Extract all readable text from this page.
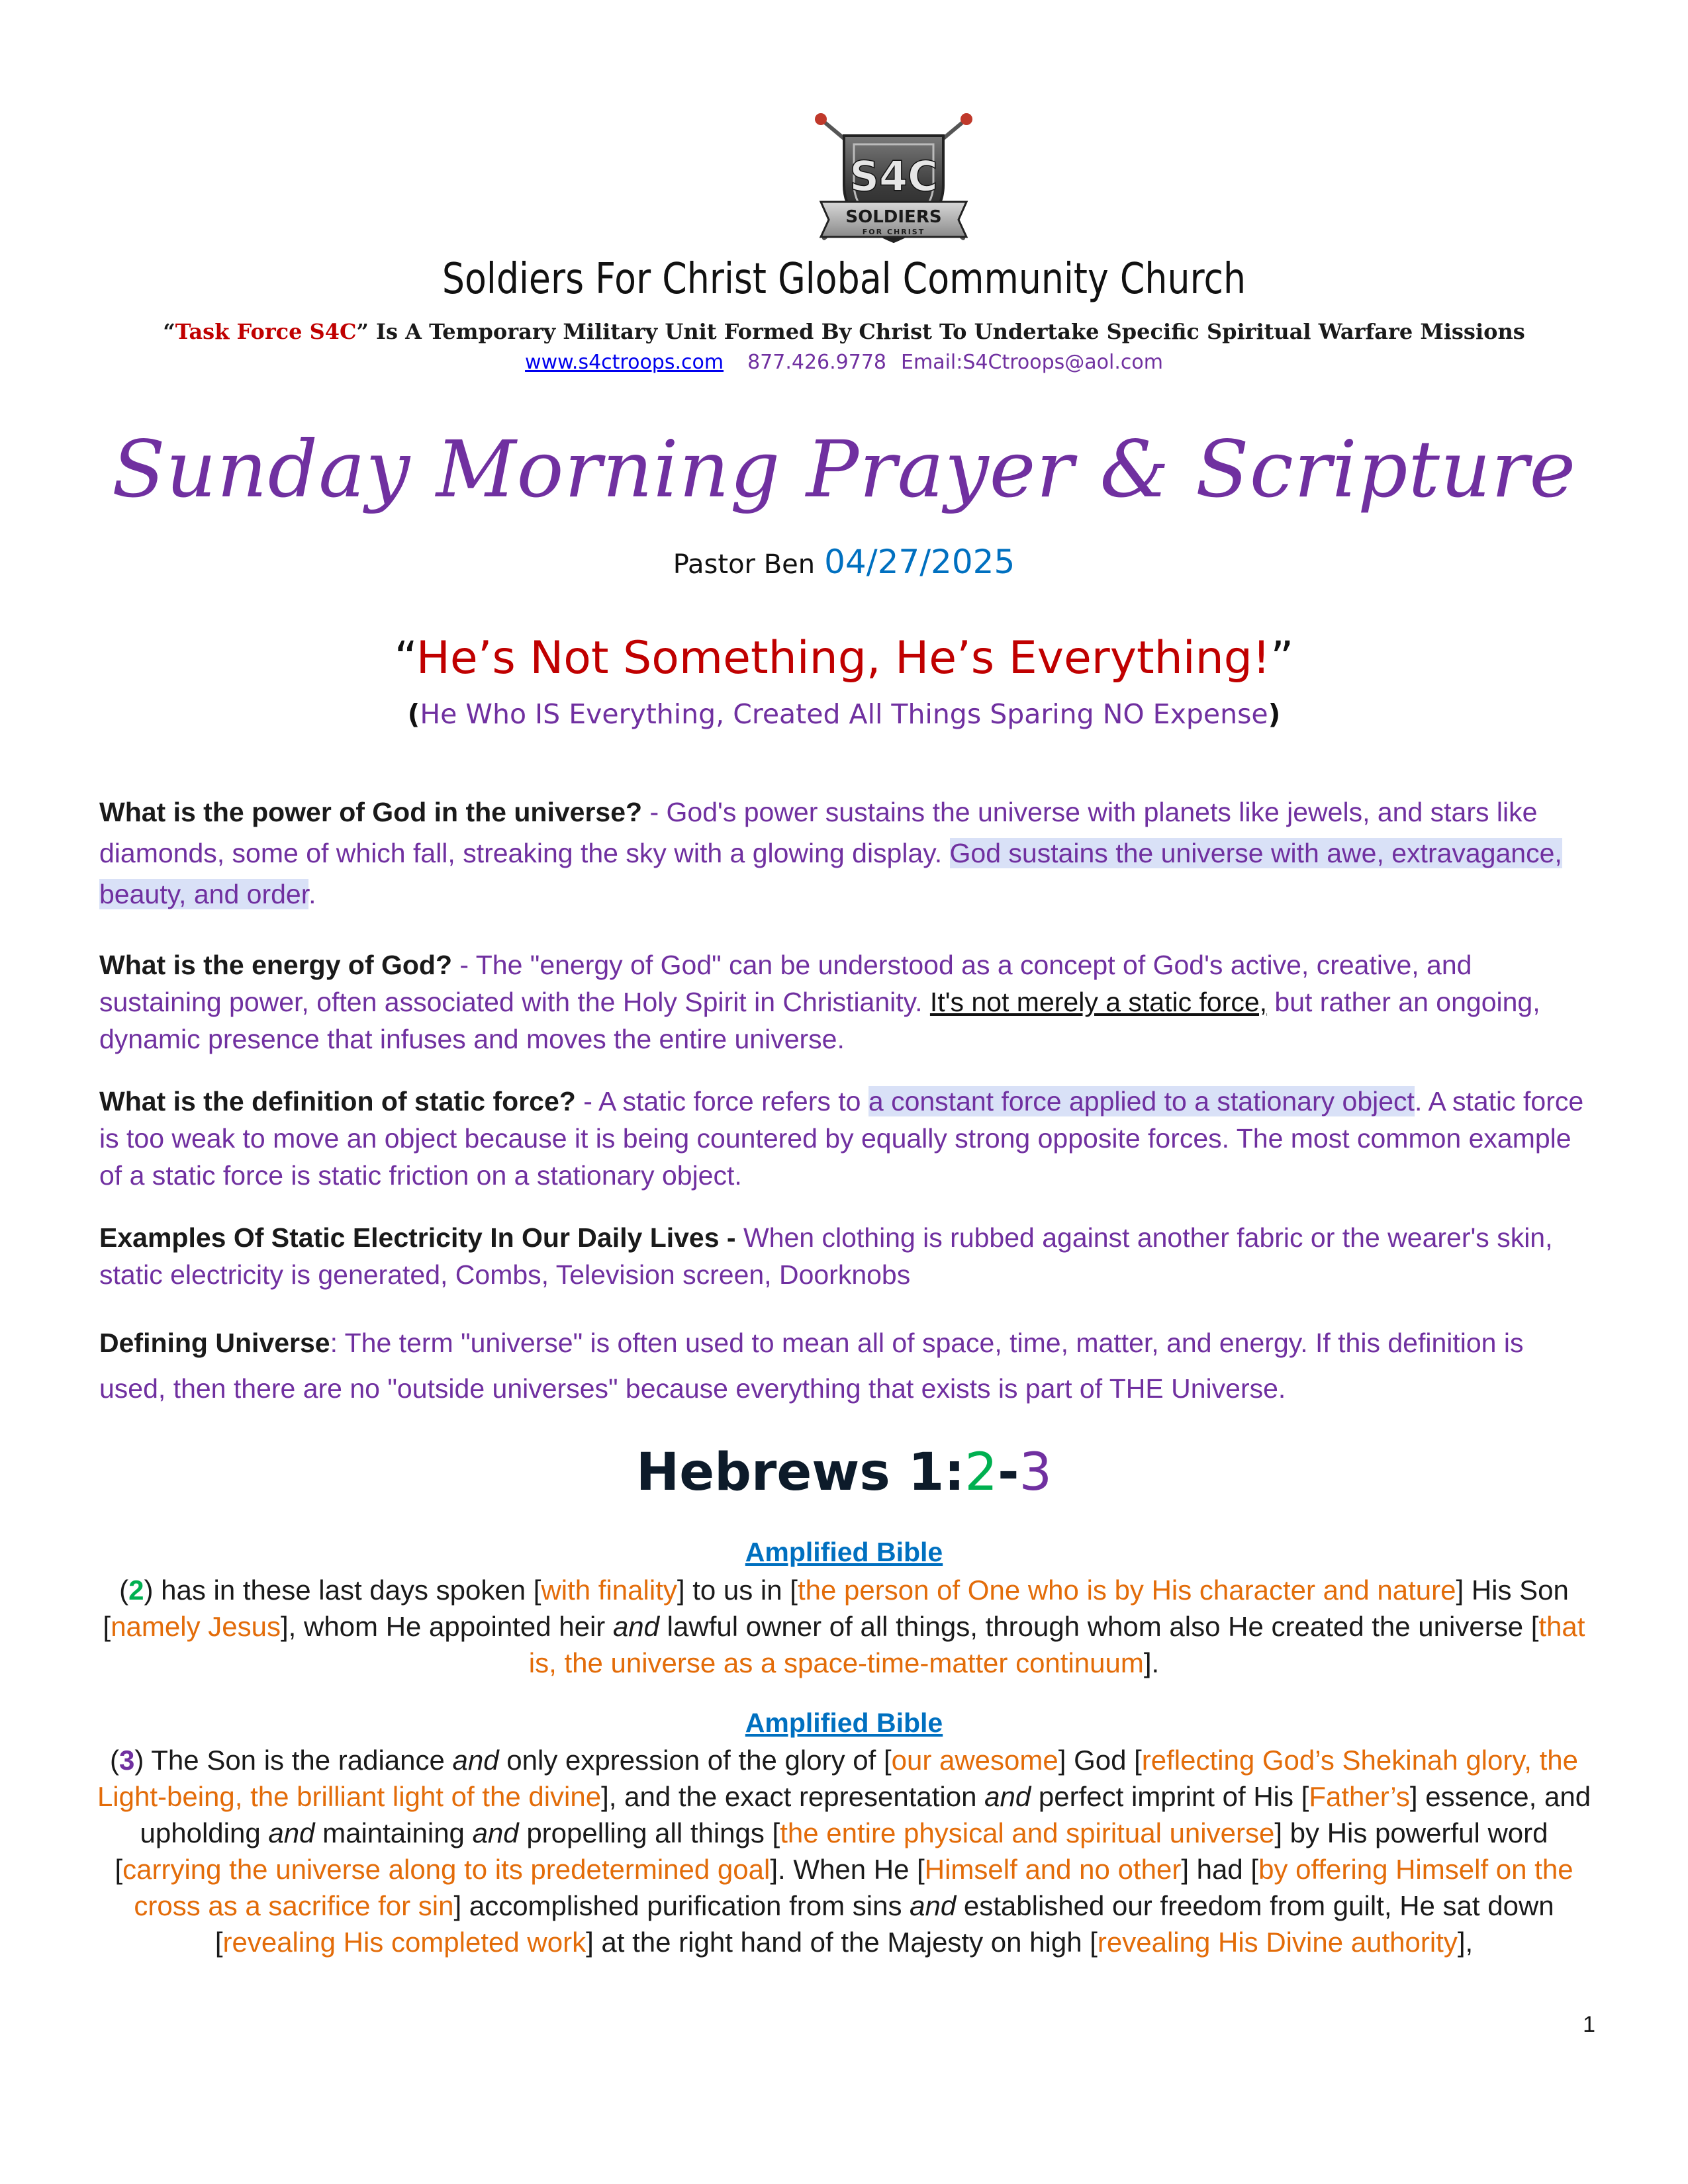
S4C
SOLDIERS
FOR CHRIST
Soldiers For Christ Global Community Church
“Task Force S4C” Is A Temporary Military Unit Formed By Christ To Undertake Specific Spiritual Warfare Missions
www.s4ctroops.com 877.426.9778 Email:S4Ctroops@aol.com
Sunday Morning Prayer & Scripture
Pastor Ben 04/27/2025
“He’s Not Something, He’s Everything!”
(He Who IS Everything, Created All Things Sparing NO Expense)
What is the power of God in the universe? - God's power sustains the universe with planets like jewels, and stars like diamonds, some of which fall, streaking the sky with a glowing display. God sustains the universe with awe, extravagance, beauty, and order.
What is the energy of God? - The "energy of God" can be understood as a concept of God's active, creative, and sustaining power, often associated with the Holy Spirit in Christianity. It's not merely a static force, but rather an ongoing, dynamic presence that infuses and moves the entire universe.
What is the definition of static force? - A static force refers to a constant force applied to a stationary object. A static force is too weak to move an object because it is being countered by equally strong opposite forces. The most common example of a static force is static friction on a stationary object.
Examples Of Static Electricity In Our Daily Lives - When clothing is rubbed against another fabric or the wearer's skin, static electricity is generated, Combs, Television screen, Doorknobs
Defining Universe: The term "universe" is often used to mean all of space, time, matter, and energy. If this definition is used, then there are no "outside universes" because everything that exists is part of THE Universe.
Hebrews 1:2-3
Amplified Bible
(2) has in these last days spoken [with finality] to us in [the person of One who is by His character and nature] His Son [namely Jesus], whom He appointed heir and lawful owner of all things, through whom also He created the universe [that is, the universe as a space-time-matter continuum].
Amplified Bible
(3) The Son is the radiance and only expression of the glory of [our awesome] God [reflecting God’s Shekinah glory, the Light-being, the brilliant light of the divine], and the exact representation and perfect imprint of His [Father’s] essence, and upholding and maintaining and propelling all things [the entire physical and spiritual universe] by His powerful word [carrying the universe along to its predetermined goal]. When He [Himself and no other] had [by offering Himself on the cross as a sacrifice for sin] accomplished purification from sins and established our freedom from guilt, He sat down [revealing His completed work] at the right hand of the Majesty on high [revealing His Divine authority],
1
